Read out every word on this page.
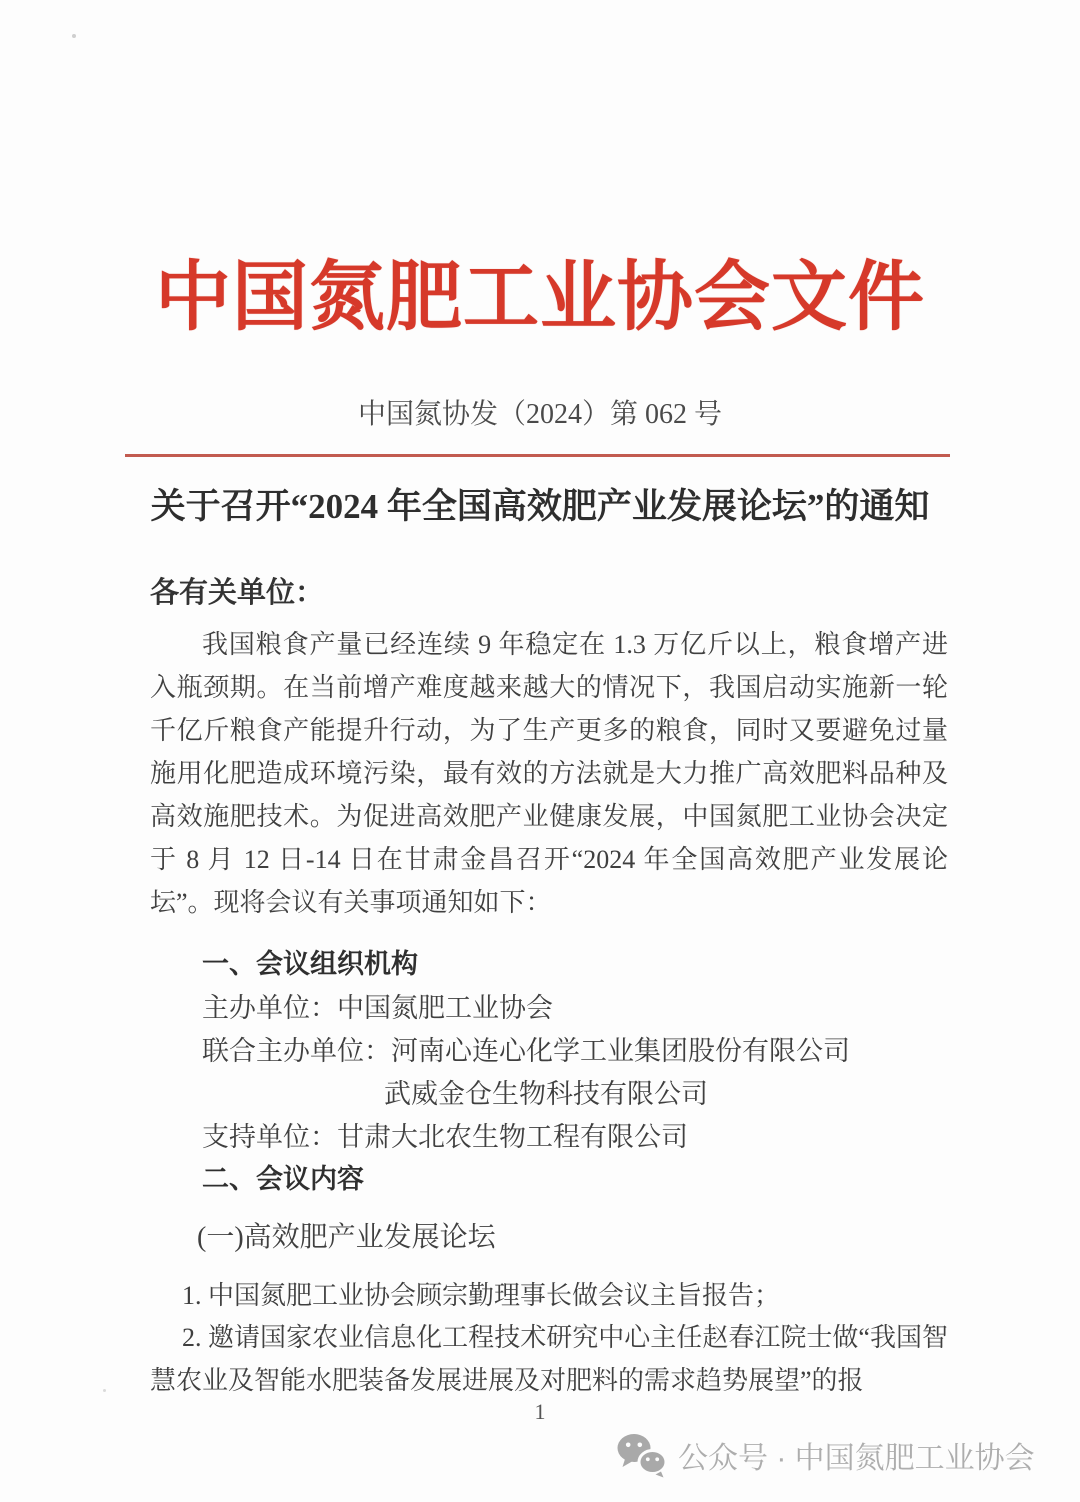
中国氮肥工业协会文件
中国氮协发（2024）第 062 号
关于召开“2024 年全国高效肥产业发展论坛”的通知
各有关单位：

我国粮食产量已经连续 9 年稳定在 1.3 万亿斤以上，粮食增产进入瓶颈期。在当前增产难度越来越大的情况下，我国启动实施新一轮千亿斤粮食产能提升行动，为了生产更多的粮食，同时又要避免过量施用化肥造成环境污染，最有效的方法就是大力推广高效肥料品种及高效施肥技术。为促进高效肥产业健康发展，中国氮肥工业协会决定于 8 月 12 日-14 日在甘肃金昌召开“2024 年全国高效肥产业发展论坛”。现将会议有关事项通知如下：

一、会议组织机构
主办单位：中国氮肥工业协会
联合主办单位：河南心连心化学工业集团股份有限公司
武威金仓生物科技有限公司
支持单位：甘肃大北农生物工程有限公司
二、会议内容
(一)高效肥产业发展论坛
1. 中国氮肥工业协会顾宗勤理事长做会议主旨报告；

2. 邀请国家农业信息化工程技术研究中心主任赵春江院士做“我国智慧农业及智能水肥装备发展进展及对肥料的需求趋势展望”的报

1
公众号 · 中国氮肥工业协会
